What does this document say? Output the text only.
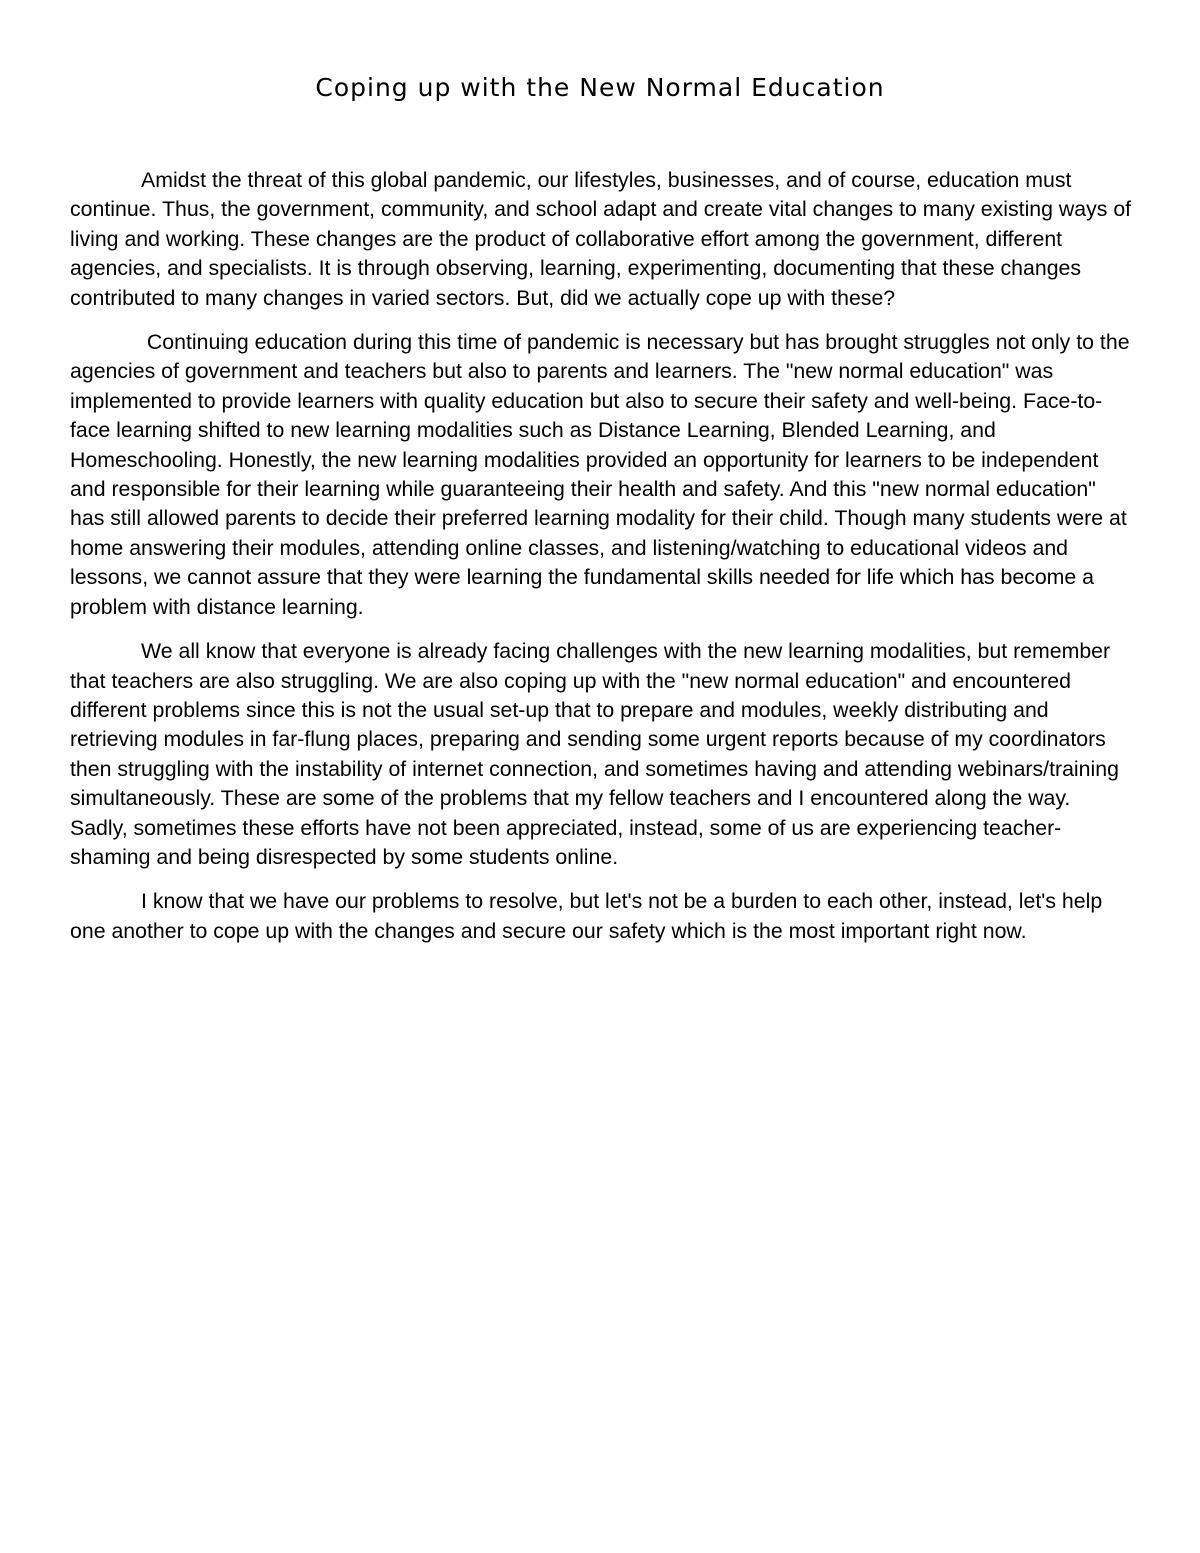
Coping up with the New Normal Education

Amidst the threat of this global pandemic, our lifestyles, businesses, and of course, education must continue. Thus, the government, community, and school adapt and create vital changes to many existing ways of living and working. These changes are the product of collaborative effort among the government, different agencies, and specialists. It is through observing, learning, experimenting, documenting that these changes contributed to many changes in varied sectors. But, did we actually cope up with these?

Continuing education during this time of pandemic is necessary but has brought struggles not only to the agencies of government and teachers but also to parents and learners. The "new normal education" was implemented to provide learners with quality education but also to secure their safety and well-being. Face-to-face learning shifted to new learning modalities such as Distance Learning, Blended Learning, and Homeschooling. Honestly, the new learning modalities provided an opportunity for learners to be independent and responsible for their learning while guaranteeing their health and safety. And this "new normal education" has still allowed parents to decide their preferred learning modality for their child. Though many students were at home answering their modules, attending online classes, and listening/watching to educational videos and lessons, we cannot assure that they were learning the fundamental skills needed for life which has become a problem with distance learning.

We all know that everyone is already facing challenges with the new learning modalities, but remember that teachers are also struggling. We are also coping up with the "new normal education" and encountered different problems since this is not the usual set-up that to prepare and modules, weekly distributing and retrieving modules in far-flung places, preparing and sending some urgent reports because of my coordinators then struggling with the instability of internet connection, and sometimes having and attending webinars/training simultaneously. These are some of the problems that my fellow teachers and I encountered along the way.  Sadly, sometimes these efforts have not been appreciated, instead, some of us are experiencing teacher-shaming and being disrespected by some students online.

I know that we have our problems to resolve, but let's not be a burden to each other, instead, let's help one another to cope up with the changes and secure our safety which is the most important right now.
